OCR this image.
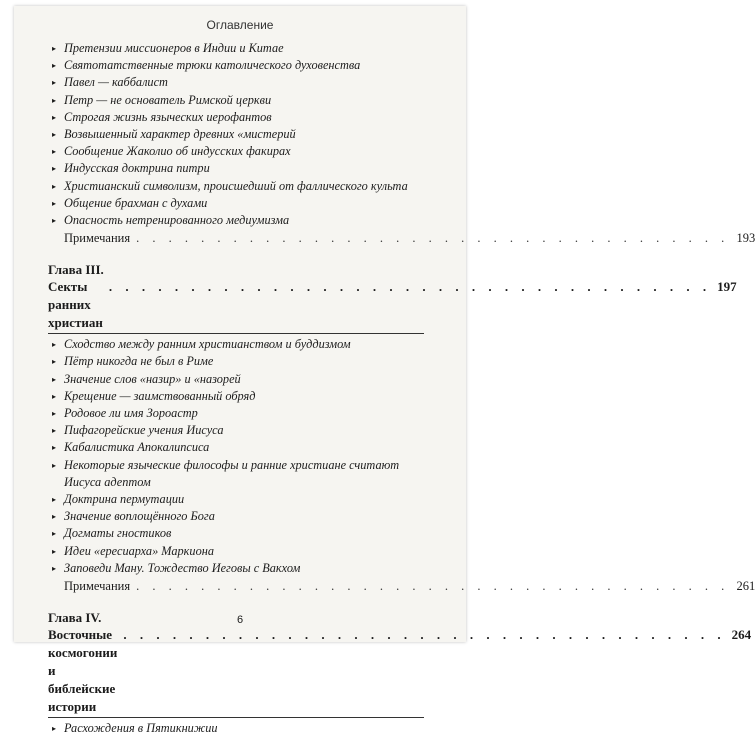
Оглавление
▸ Претензии миссионеров в Индии и Китае
▸ Святотатственные трюки католического духовенства
▸ Павел — каббалист
▸ Петр — не основатель Римской церкви
▸ Строгая жизнь языческих иерофантов
▸ Возвышенный характер древних «мистерий
▸ Сообщение Жаколио об индусских факирах
▸ Индусская доктрина питри
▸ Христианский символизм, происшедший от фаллического культа
▸ Общение брахман с духами
▸ Опасность нетренированного медиумизма
Примечания . . . . . . . . . . . . . . . . . . . . . . . . . . . . . . . . . . . . . 193
Глава III.
Секты ранних христиан
. . . . . . . . . . . . . . . . . . . . . . . . . . . . . . . . . . . . . 197
▸ Сходство между ранним христианством и буддизмом
▸ Пётр никогда не был в Риме
▸ Значение слов «назир» и «назорей
▸ Крещение — заимствованный обряд
▸ Родовое ли имя Зороастр
▸ Пифагорейские учения Иисуса
▸ Кабалистика Апокалипсиса
▸ Некоторые языческие философы и ранние христиане считают Иисуса адептом
▸ Доктрина пермутации
▸ Значение воплощённого Бога
▸ Догматы гностиков
▸ Идеи «ересиарха» Маркиона
▸ Заповеди Ману. Тождество Иеговы с Вакхом
Примечания . . . . . . . . . . . . . . . . . . . . . . . . . . . . . . . . . . . . . 261
Глава IV.
Восточные космогонии и библейские истории
. . . . . . . . . . . . . . . . . . . . . . . . . . . . . . . . . . . . . 264
▸ Расхождения в Пятикнижии
6
